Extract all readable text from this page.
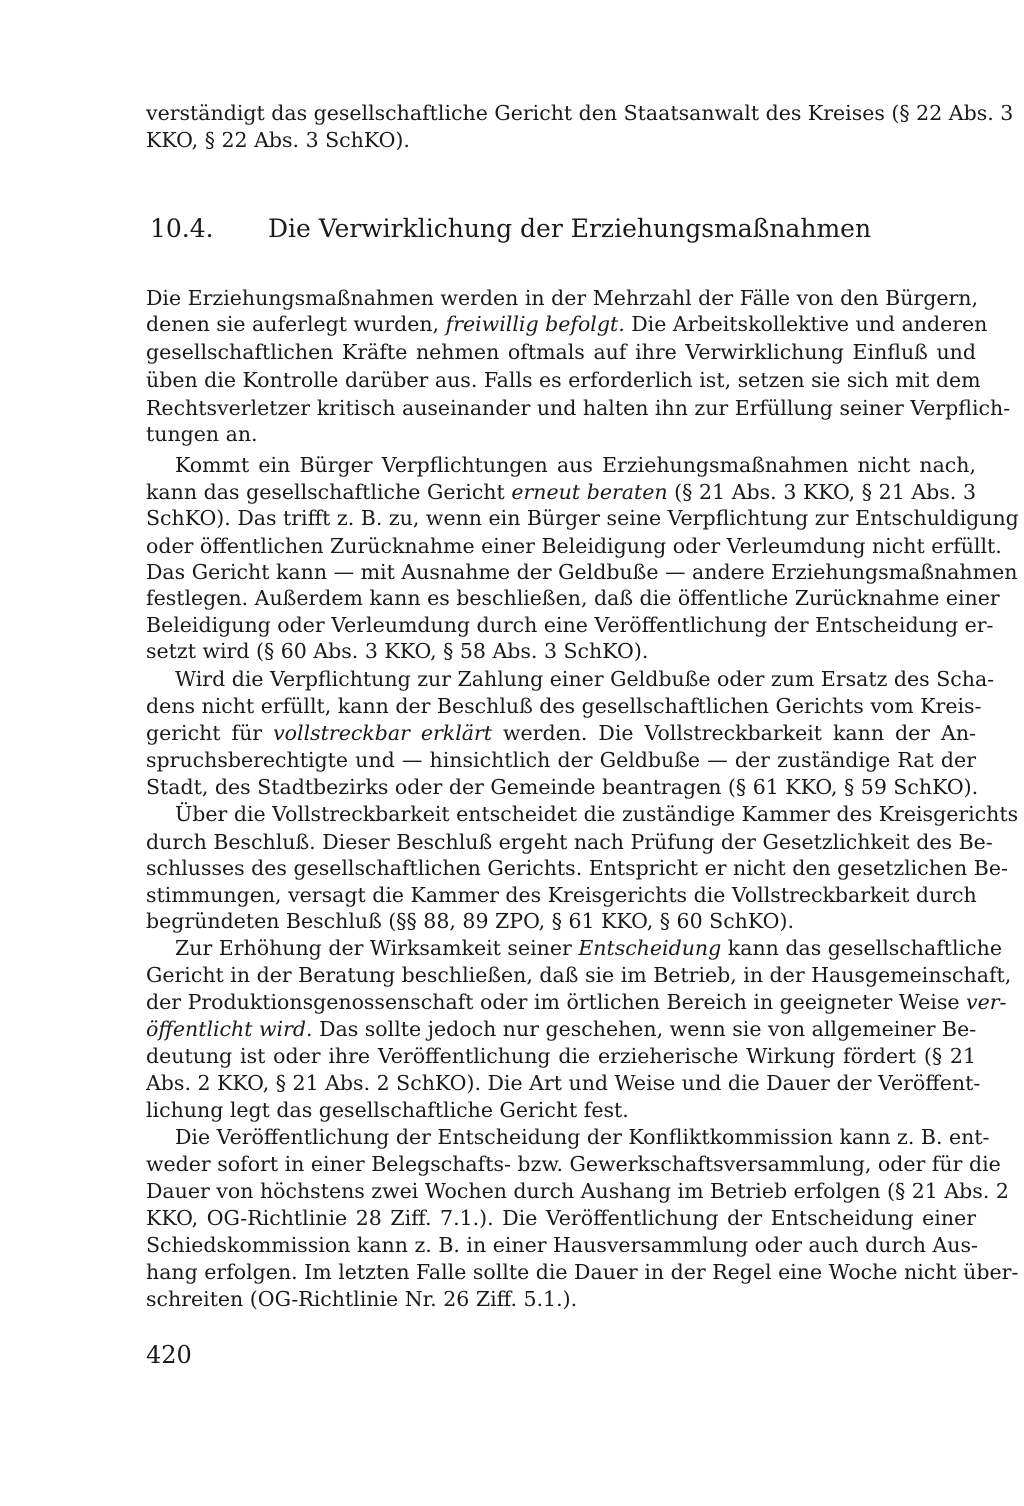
verständigt das gesellschaftliche Gericht den Staatsanwalt des Kreises (§ 22 Abs. 3
KKO, § 22 Abs. 3 SchKO).
10.4. Die Verwirklichung der Erziehungsmaßnahmen
Die Erziehungsmaßnahmen werden in der Mehrzahl der Fälle von den Bürgern,
denen sie auferlegt wurden, freiwillig befolgt. Die Arbeitskollektive und anderen
gesellschaftlichen Kräfte nehmen oftmals auf ihre Verwirklichung Einfluß und
üben die Kontrolle darüber aus. Falls es erforderlich ist, setzen sie sich mit dem
Rechtsverletzer kritisch auseinander und halten ihn zur Erfüllung seiner Verpflich-
tungen an.
Kommt ein Bürger Verpflichtungen aus Erziehungsmaßnahmen nicht nach,
kann das gesellschaftliche Gericht erneut beraten (§ 21 Abs. 3 KKO, § 21 Abs. 3
SchKO). Das trifft z. B. zu, wenn ein Bürger seine Verpflichtung zur Entschuldigung
oder öffentlichen Zurücknahme einer Beleidigung oder Verleumdung nicht erfüllt.
Das Gericht kann — mit Ausnahme der Geldbuße — andere Erziehungsmaßnahmen
festlegen. Außerdem kann es beschließen, daß die öffentliche Zurücknahme einer
Beleidigung oder Verleumdung durch eine Veröffentlichung der Entscheidung er-
setzt wird (§ 60 Abs. 3 KKO, § 58 Abs. 3 SchKO).
Wird die Verpflichtung zur Zahlung einer Geldbuße oder zum Ersatz des Scha-
dens nicht erfüllt, kann der Beschluß des gesellschaftlichen Gerichts vom Kreis-
gericht für vollstreckbar erklärt werden. Die Vollstreckbarkeit kann der An-
spruchsberechtigte und — hinsichtlich der Geldbuße — der zuständige Rat der
Stadt, des Stadtbezirks oder der Gemeinde beantragen (§ 61 KKO, § 59 SchKO).
Über die Vollstreckbarkeit entscheidet die zuständige Kammer des Kreisgerichts
durch Beschluß. Dieser Beschluß ergeht nach Prüfung der Gesetzlichkeit des Be-
schlusses des gesellschaftlichen Gerichts. Entspricht er nicht den gesetzlichen Be-
stimmungen, versagt die Kammer des Kreisgerichts die Vollstreckbarkeit durch
begründeten Beschluß (§§ 88, 89 ZPO, § 61 KKO, § 60 SchKO).
Zur Erhöhung der Wirksamkeit seiner Entscheidung kann das gesellschaftliche
Gericht in der Beratung beschließen, daß sie im Betrieb, in der Hausgemeinschaft,
der Produktionsgenossenschaft oder im örtlichen Bereich in geeigneter Weise ver-
öffentlicht wird. Das sollte jedoch nur geschehen, wenn sie von allgemeiner Be-
deutung ist oder ihre Veröffentlichung die erzieherische Wirkung fördert (§ 21
Abs. 2 KKO, § 21 Abs. 2 SchKO). Die Art und Weise und die Dauer der Veröffent-
lichung legt das gesellschaftliche Gericht fest.
Die Veröffentlichung der Entscheidung der Konfliktkommission kann z. B. ent-
weder sofort in einer Belegschafts- bzw. Gewerkschaftsversammlung, oder für die
Dauer von höchstens zwei Wochen durch Aushang im Betrieb erfolgen (§ 21 Abs. 2
KKO, OG-Richtlinie 28 Ziff. 7.1.). Die Veröffentlichung der Entscheidung einer
Schiedskommission kann z. B. in einer Hausversammlung oder auch durch Aus-
hang erfolgen. Im letzten Falle sollte die Dauer in der Regel eine Woche nicht über-
schreiten (OG-Richtlinie Nr. 26 Ziff. 5.1.).
420
